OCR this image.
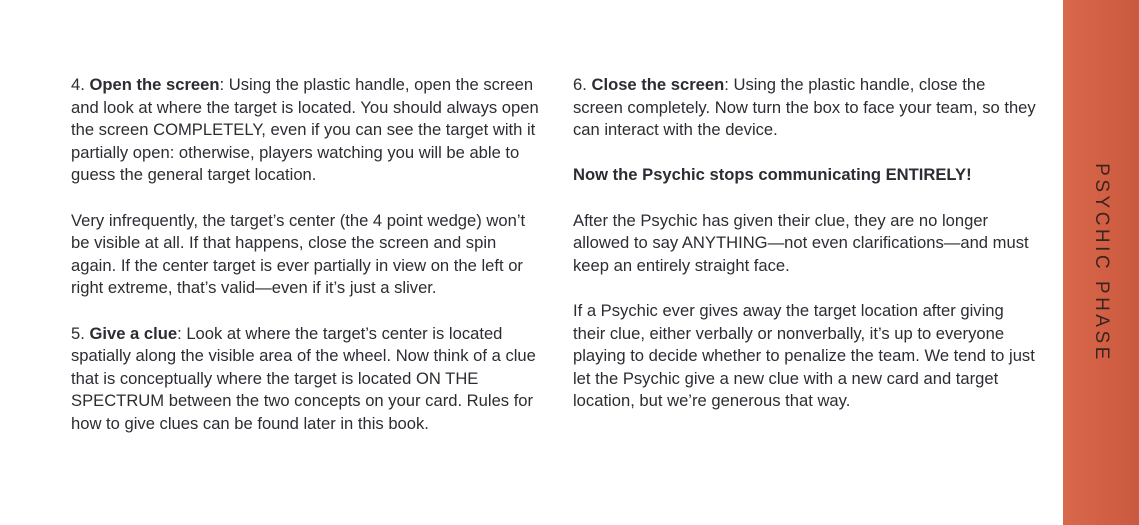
4. Open the screen: Using the plastic handle, open the screen and look at where the target is located. You should always open the screen COMPLETELY, even if you can see the target with it partially open: otherwise, players watching you will be able to guess the general target location.

Very infrequently, the target’s center (the 4 point wedge) won’t be visible at all. If that happens, close the screen and spin again. If the center target is ever partially in view on the left or right extreme, that’s valid—even if it’s just a sliver.

5. Give a clue: Look at where the target’s center is located spatially along the visible area of the wheel. Now think of a clue that is conceptually where the target is located ON THE SPECTRUM between the two concepts on your card. Rules for how to give clues can be found later in this book.

6. Close the screen: Using the plastic handle, close the screen completely. Now turn the box to face your team, so they can interact with the device.

Now the Psychic stops communicating ENTIRELY!

After the Psychic has given their clue, they are no longer allowed to say ANYTHING—not even clarifications—and must keep an entirely straight face.

If a Psychic ever gives away the target location after giving their clue, either verbally or nonverbally, it’s up to everyone playing to decide whether to penalize the team. We tend to just let the Psychic give a new clue with a new card and target location, but we’re generous that way.

PSYCHIC PHASE
